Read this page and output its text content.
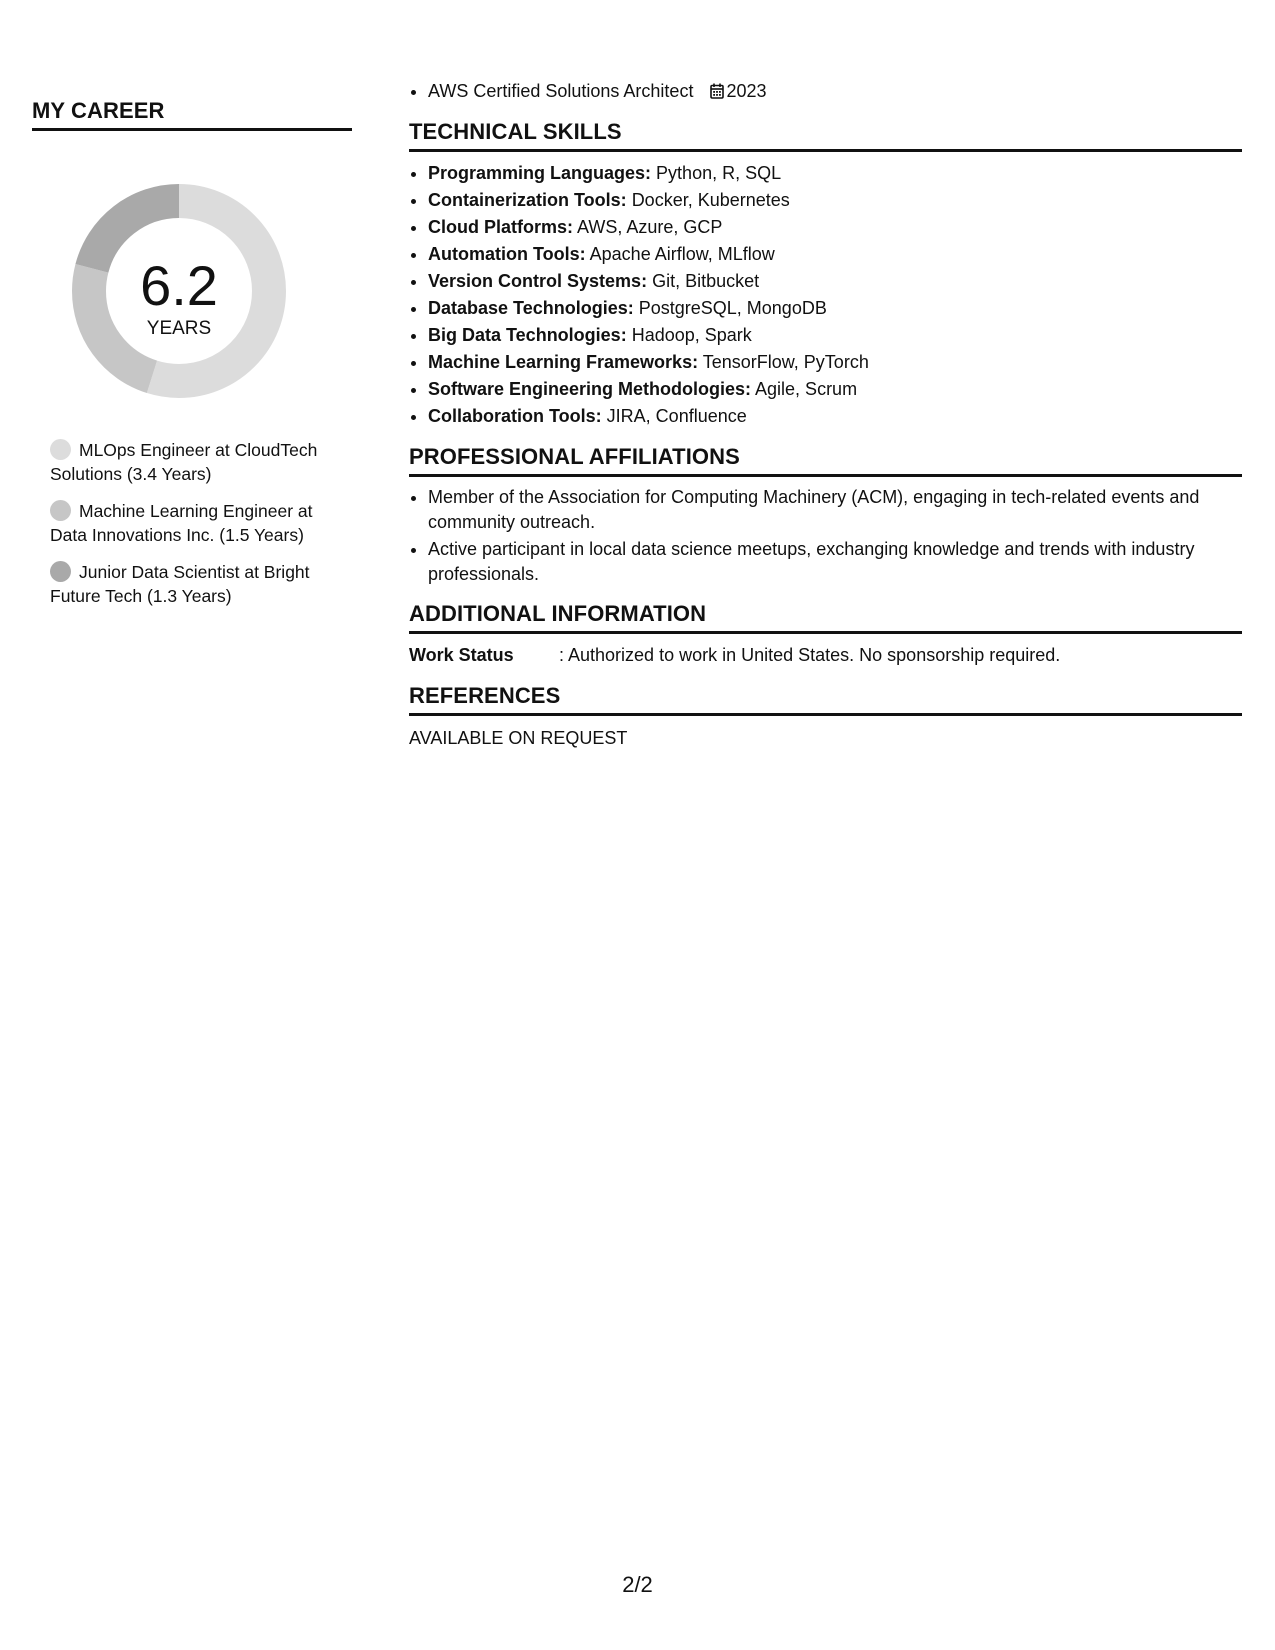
MY CAREER
6.2
YEARS
MLOps Engineer at CloudTech Solutions (3.4 Years)
Machine Learning Engineer at Data Innovations Inc. (1.5 Years)
Junior Data Scientist at Bright Future Tech (1.3 Years)
• AWS Certified Solutions Architect 2023
TECHNICAL SKILLS
• Programming Languages: Python, R, SQL
• Containerization Tools: Docker, Kubernetes
• Cloud Platforms: AWS, Azure, GCP
• Automation Tools: Apache Airflow, MLflow
• Version Control Systems: Git, Bitbucket
• Database Technologies: PostgreSQL, MongoDB
• Big Data Technologies: Hadoop, Spark
• Machine Learning Frameworks: TensorFlow, PyTorch
• Software Engineering Methodologies: Agile, Scrum
• Collaboration Tools: JIRA, Confluence
PROFESSIONAL AFFILIATIONS
• Member of the Association for Computing Machinery (ACM), engaging in tech-related events and community outreach.
• Active participant in local data science meetups, exchanging knowledge and trends with industry professionals.
ADDITIONAL INFORMATION
Work Status	: Authorized to work in United States. No sponsorship required.
REFERENCES
AVAILABLE ON REQUEST
2/2
